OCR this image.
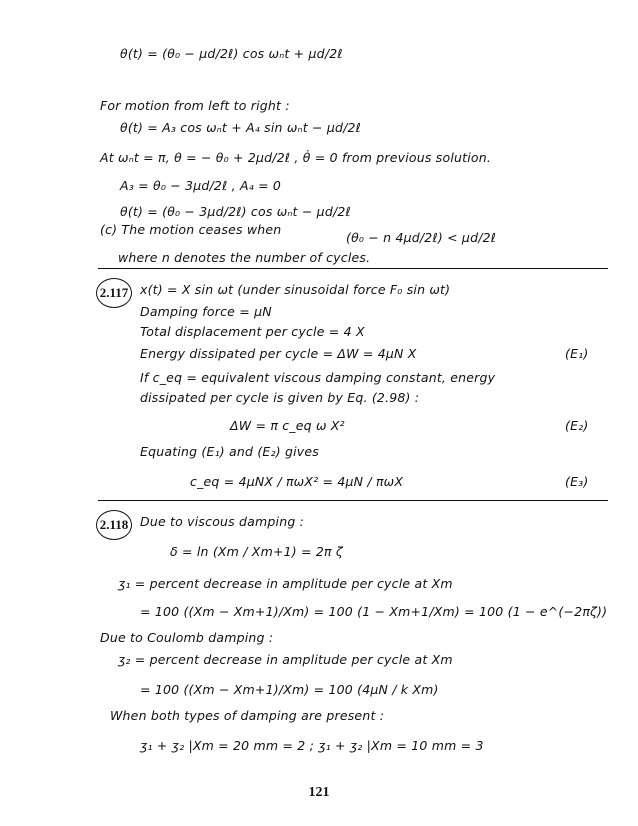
θ(t) = (θ₀ − μd/2ℓ) cos ωₙt + μd/2ℓ
For motion from left to right :
θ(t) = A₃ cos ωₙt + A₄ sin ωₙt − μd/2ℓ
At ωₙt = π, θ = − θ₀ + 2μd/2ℓ , θ̇ = 0 from previous solution.
A₃ = θ₀ − 3μd/2ℓ , A₄ = 0
θ(t) = (θ₀ − 3μd/2ℓ) cos ωₙt − μd/2ℓ
(c) The motion ceases when
(θ₀ − n 4μd/2ℓ) < μd/2ℓ
where n denotes the number of cycles.
2.117 x(t) = X sin ωt (under sinusoidal force F₀ sin ωt)
Damping force = μN
Total displacement per cycle = 4 X
Energy dissipated per cycle = ΔW = 4μN X	(E₁)
If c_eq = equivalent viscous damping constant, energy
dissipated per cycle is given by Eq. (2.98) :
ΔW = π c_eq ω X²	(E₂)
Equating (E₁) and (E₂) gives
c_eq = 4μNX / πωX² = 4μN / πωX	(E₃)
2.118 Due to viscous damping :
δ = ln (Xm / Xm+1) = 2π ζ
ʒ₁ = percent decrease in amplitude per cycle at Xm
= 100 ((Xm − Xm+1)/Xm) = 100 (1 − Xm+1/Xm) = 100 (1 − e^(−2πζ))
Due to Coulomb damping :
ʒ₂ = percent decrease in amplitude per cycle at Xm
= 100 ((Xm − Xm+1)/Xm) = 100 (4μN / k Xm)
When both types of damping are present :
ʒ₁ + ʒ₂ |Xm = 20 mm = 2 ; ʒ₁ + ʒ₂ |Xm = 10 mm = 3
121
